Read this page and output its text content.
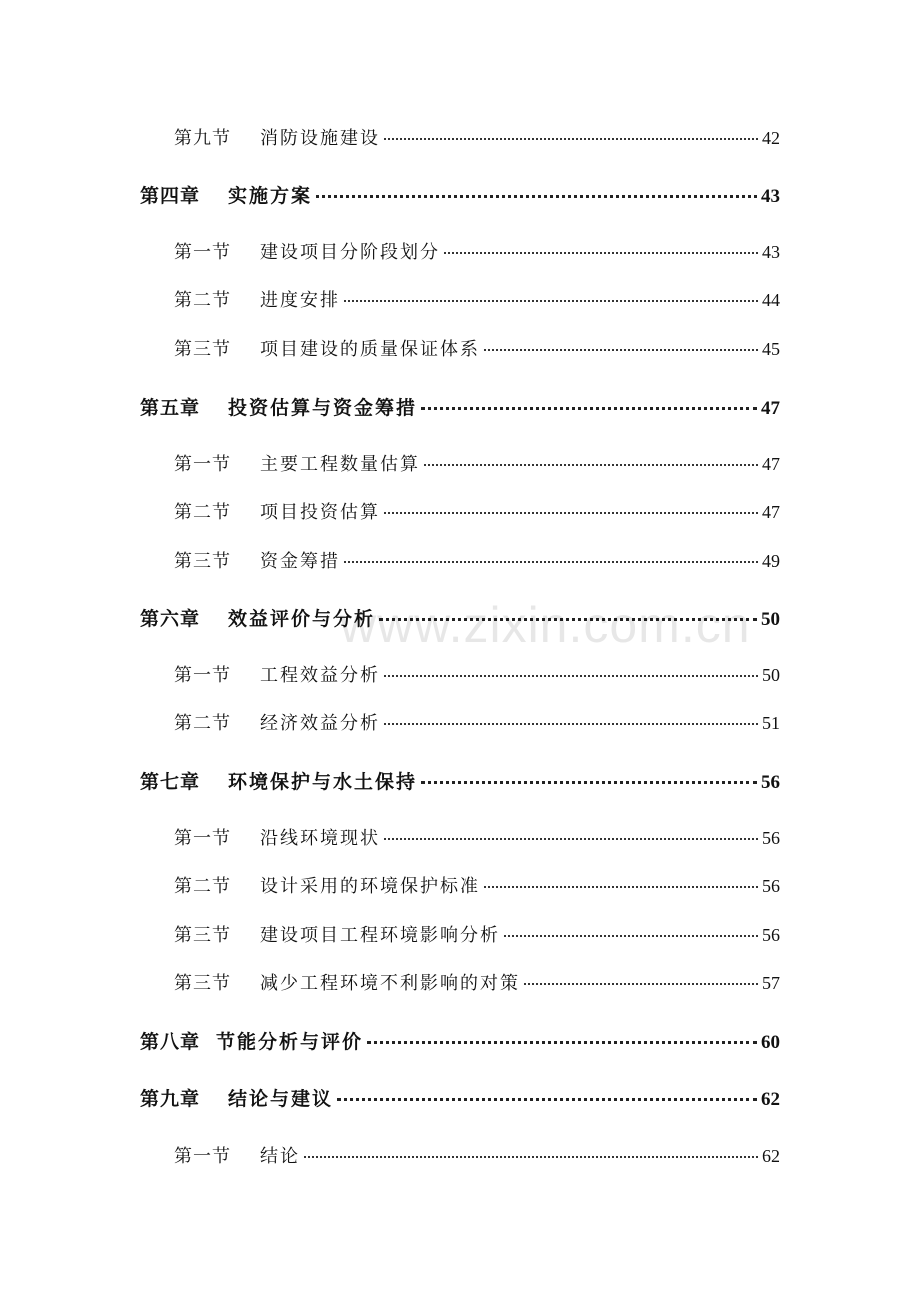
第九节	消防设施建设	42
第四章	实施方案	43
第一节	建设项目分阶段划分	43
第二节	进度安排	44
第三节	项目建设的质量保证体系	45
第五章	投资估算与资金筹措	47
第一节	主要工程数量估算	47
第二节	项目投资估算	47
第三节	资金筹措	49
第六章	效益评价与分析	50
第一节	工程效益分析	50
第二节	经济效益分析	51
第七章	环境保护与水土保持	56
第一节	沿线环境现状	56
第二节	设计采用的环境保护标准	56
第三节	建设项目工程环境影响分析	56
第三节	减少工程环境不利影响的对策	57
第八章 节能分析与评价	60
第九章	结论与建议	62
第一节	结论	62
www.zixin.com.cn
